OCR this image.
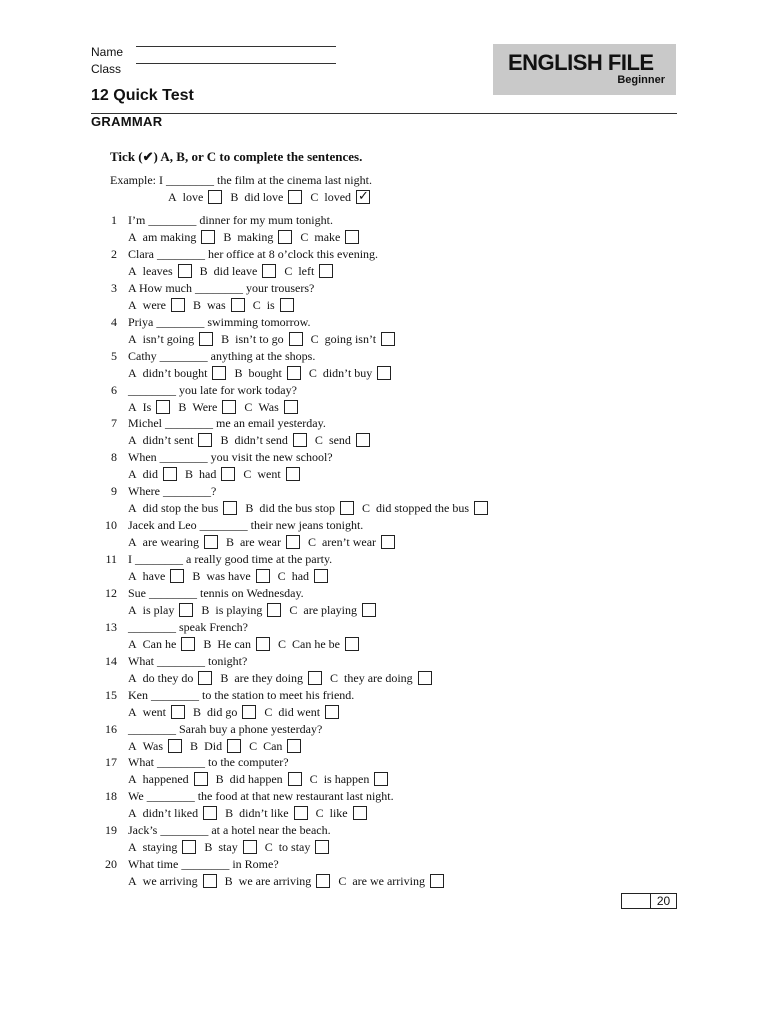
Name
Class	ENGLISH FILE
Beginner
12 Quick Test
GRAMMAR
Tick (✔) A, B, or C to complete the sentences.
Example: I ________ the film at the cinema last night.
A love B did love C loved
✓
1 I’m ________ dinner for my mum tonight.
A am making B making C make
2 Clara ________ her office at 8 o’clock this evening.
A leaves B did leave C left
3 A How much ________ your trousers?
A were B was C is
4 Priya ________ swimming tomorrow.
A isn’t going B isn’t to go C going isn’t
5 Cathy ________ anything at the shops.
A didn’t bought B bought C didn’t buy
6 ________ you late for work today?
A Is B Were C Was
7 Michel ________ me an email yesterday.
A didn’t sent B didn’t send C send
8 When ________ you visit the new school?
A did B had C went
9 Where ________?
A did stop the bus B did the bus stop C did stopped the bus
10 Jacek and Leo ________ their new jeans tonight.
A are wearing B are wear C aren’t wear
11 I ________ a really good time at the party.
A have B was have C had
12 Sue ________ tennis on Wednesday.
A is play B is playing C are playing
13 ________ speak French?
A Can he B He can C Can he be
14 What ________ tonight?
A do they do B are they doing C they are doing
15 Ken ________ to the station to meet his friend.
A went B did go C did went
16 ________ Sarah buy a phone yesterday?
A Was B Did C Can
17 What ________ to the computer?
A happened B did happen C is happen
18 We ________ the food at that new restaurant last night.
A didn’t liked B didn’t like C like
19 Jack’s ________ at a hotel near the beach.
A staying B stay C to stay
20 What time ________ in Rome?
A we arriving B we are arriving C are we arriving
20
